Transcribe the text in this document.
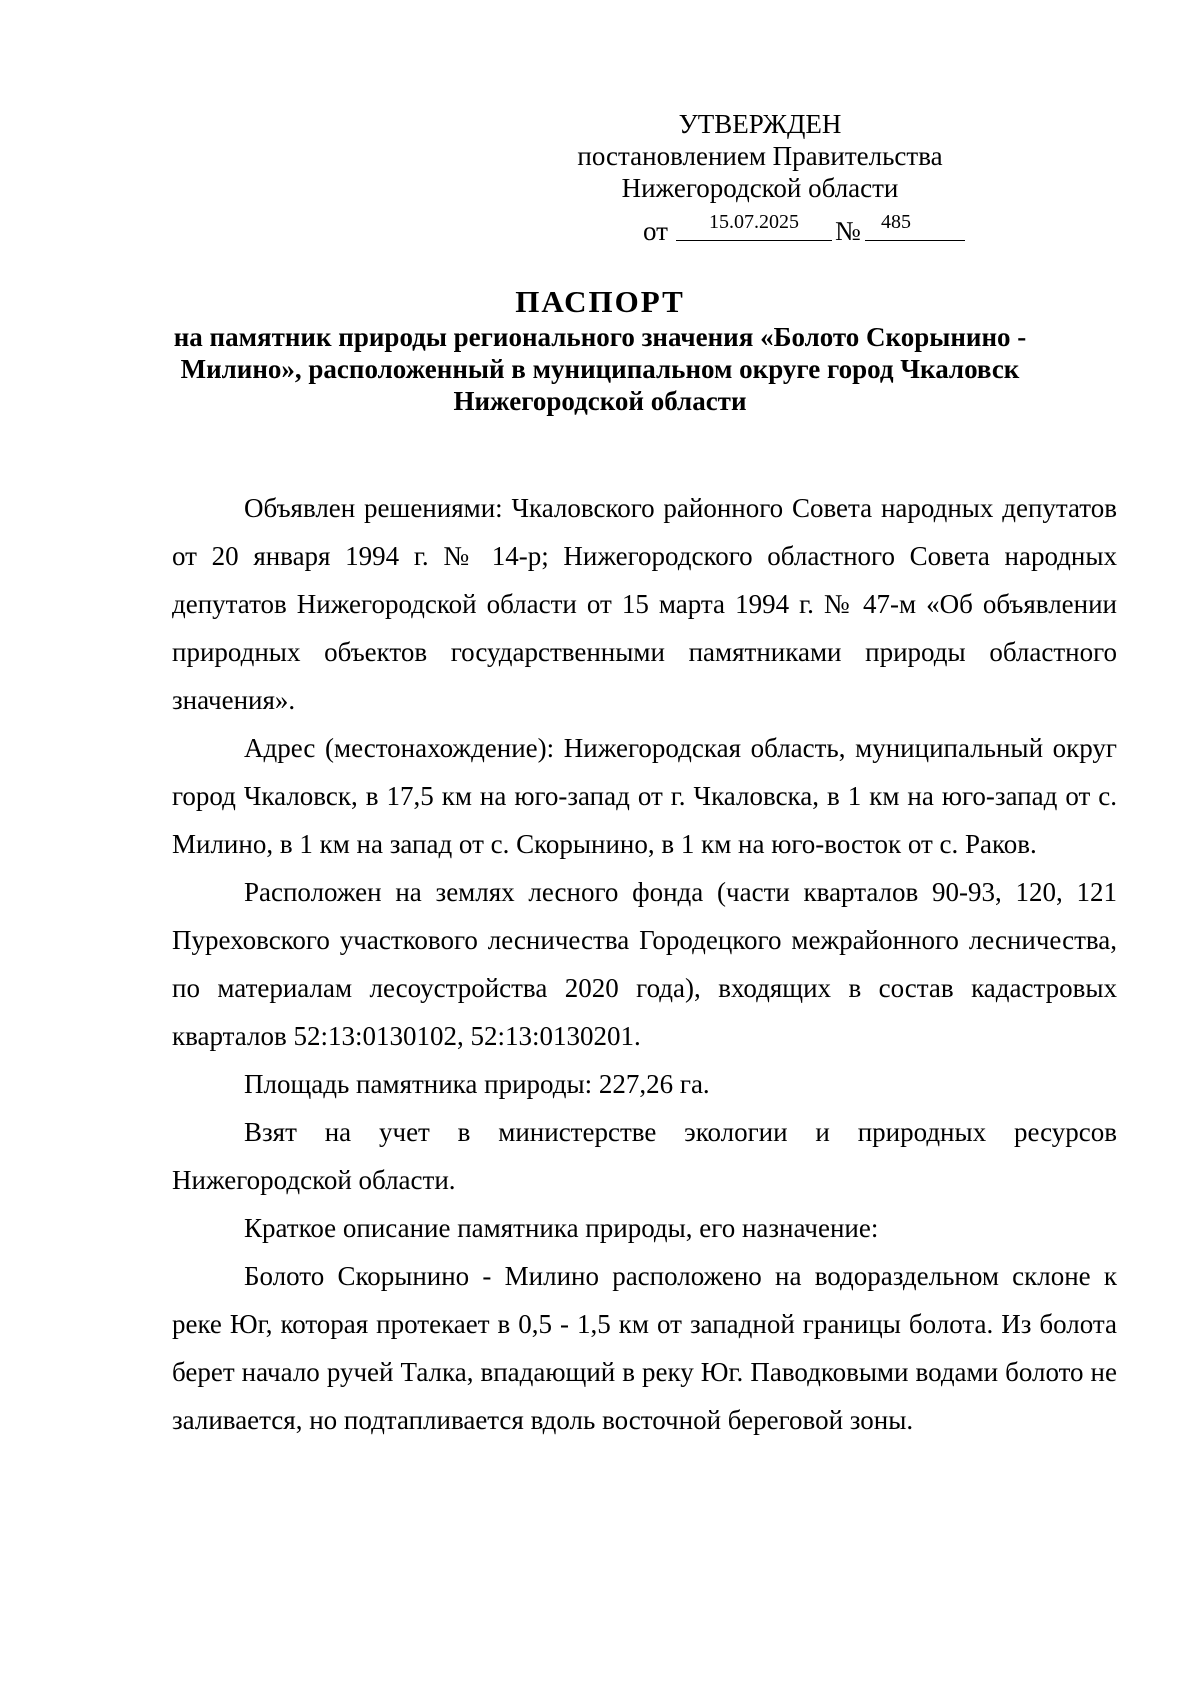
УТВЕРЖДЕН
постановлением Правительства
Нижегородской области
от	15.07.2025	№ 485
ПАСПОРТ
на памятник природы регионального значения «Болото Скорынино -
Милино», расположенный в муниципальном округе город Чкаловск
Нижегородской области

Объявлен решениями: Чкаловского районного Совета народных депутатов от 20 января 1994 г. № 14-р; Нижегородского областного Совета народных депутатов Нижегородской области от 15 марта 1994 г. № 47-м «Об объявлении природных объектов государственными памятниками природы областного значения».

Адрес (местонахождение): Нижегородская область, муниципальный округ город Чкаловск, в 17,5 км на юго-запад от г. Чкаловска, в 1 км на юго-запад от с. Милино, в 1 км на запад от с. Скорынино, в 1 км на юго-восток от с. Раков.

Расположен на землях лесного фонда (части кварталов 90-93, 120, 121 Пуреховского участкового лесничества Городецкого межрайонного лесничества, по материалам лесоустройства 2020 года), входящих в состав кадастровых кварталов 52:13:0130102, 52:13:0130201.

Площадь памятника природы: 227,26 га.

Взят на учет в министерстве экологии и природных ресурсов Нижегородской области.

Краткое описание памятника природы, его назначение:

Болото Скорынино - Милино расположено на водораздельном склоне к реке Юг, которая протекает в 0,5 - 1,5 км от западной границы болота. Из болота берет начало ручей Талка, впадающий в реку Юг. Паводковыми водами болото не заливается, но подтапливается вдоль восточной береговой зоны.
